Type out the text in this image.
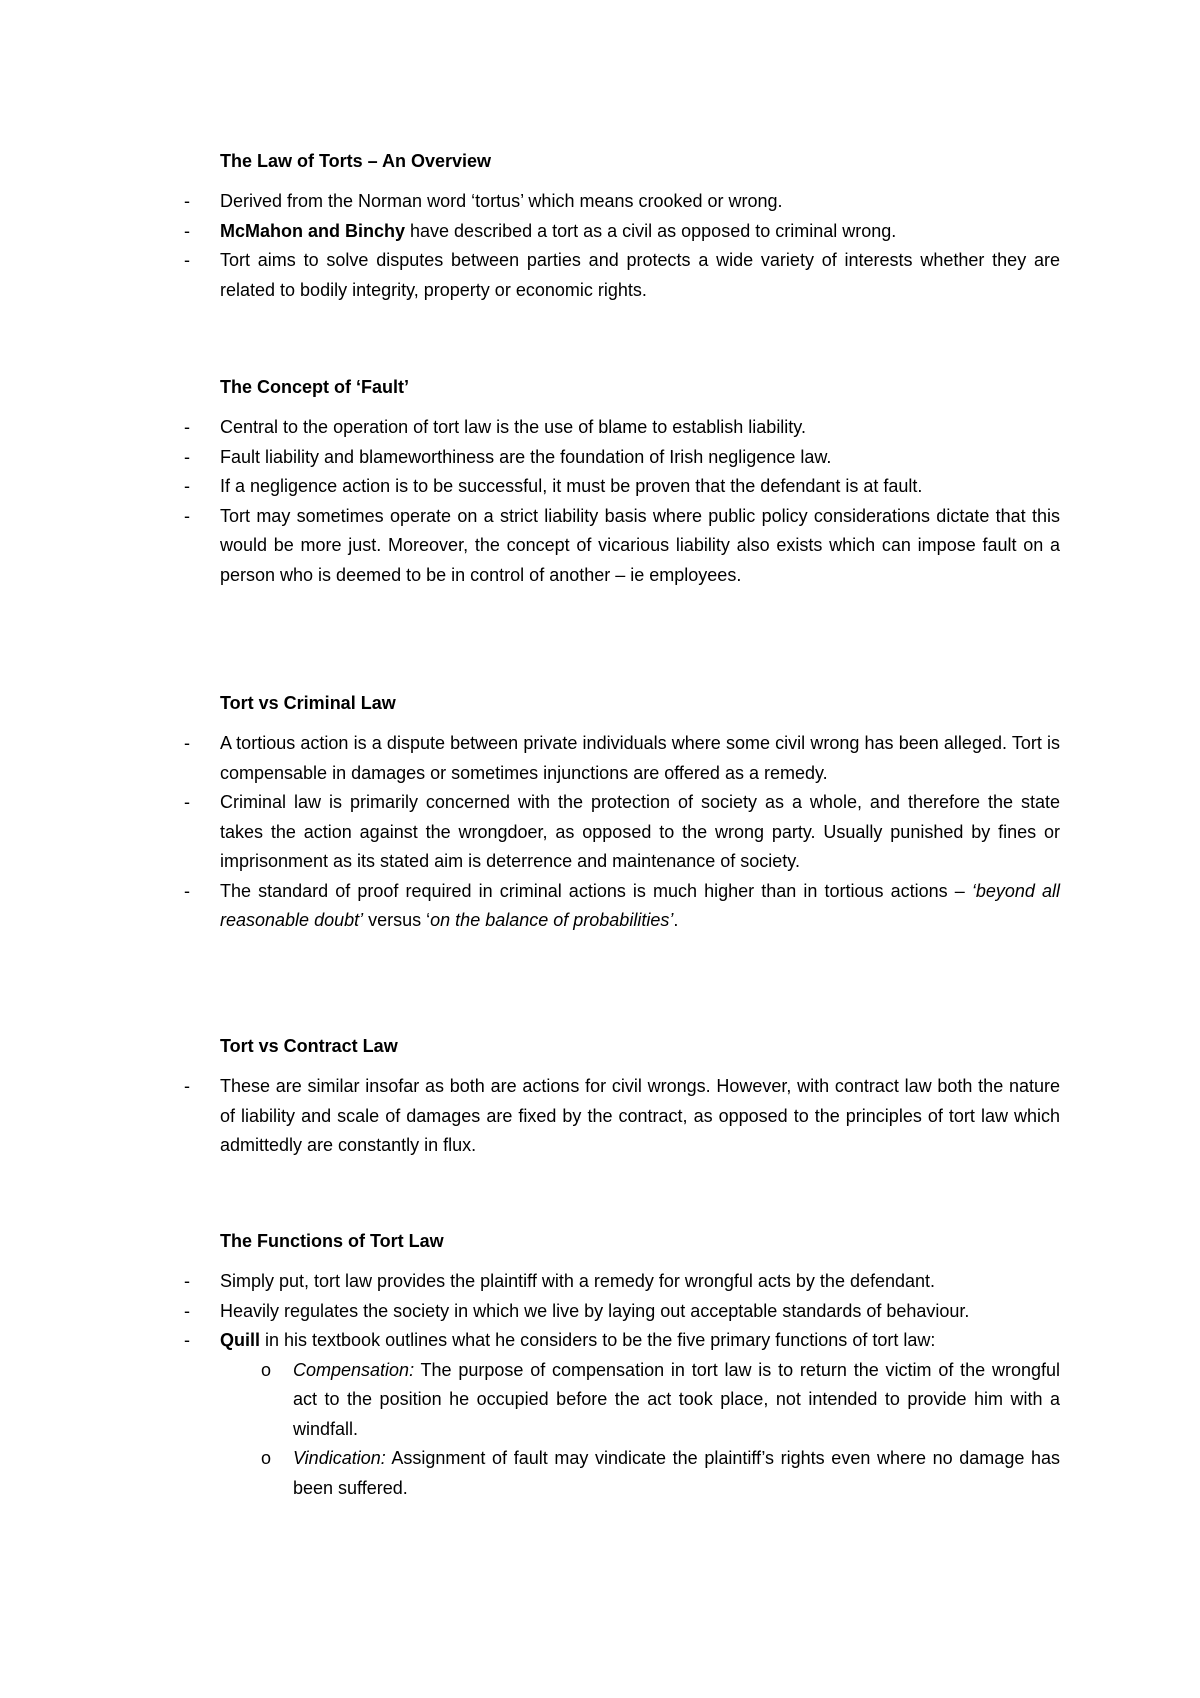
The Law of Torts – An Overview
- Derived from the Norman word ‘tortus’ which means crooked or wrong.
- McMahon and Binchy have described a tort as a civil as opposed to criminal wrong.
- Tort aims to solve disputes between parties and protects a wide variety of interests whether they are related to bodily integrity, property or economic rights.
The Concept of ‘Fault’
- Central to the operation of tort law is the use of blame to establish liability.
- Fault liability and blameworthiness are the foundation of Irish negligence law.
- If a negligence action is to be successful, it must be proven that the defendant is at fault.
- Tort may sometimes operate on a strict liability basis where public policy considerations dictate that this would be more just. Moreover, the concept of vicarious liability also exists which can impose fault on a person who is deemed to be in control of another – ie employees.
Tort vs Criminal Law
- A tortious action is a dispute between private individuals where some civil wrong has been alleged. Tort is compensable in damages or sometimes injunctions are offered as a remedy.
- Criminal law is primarily concerned with the protection of society as a whole, and therefore the state takes the action against the wrongdoer, as opposed to the wrong party. Usually punished by fines or imprisonment as its stated aim is deterrence and maintenance of society.
- The standard of proof required in criminal actions is much higher than in tortious actions – ‘beyond all reasonable doubt’ versus ‘on the balance of probabilities’.
Tort vs Contract Law
- These are similar insofar as both are actions for civil wrongs. However, with contract law both the nature of liability and scale of damages are fixed by the contract, as opposed to the principles of tort law which admittedly are constantly in flux.
The Functions of Tort Law
- Simply put, tort law provides the plaintiff with a remedy for wrongful acts by the defendant.
- Heavily regulates the society in which we live by laying out acceptable standards of behaviour.
- Quill in his textbook outlines what he considers to be the five primary functions of tort law:
o Compensation: The purpose of compensation in tort law is to return the victim of the wrongful act to the position he occupied before the act took place, not intended to provide him with a windfall.
o Vindication: Assignment of fault may vindicate the plaintiff’s rights even where no damage has been suffered.
